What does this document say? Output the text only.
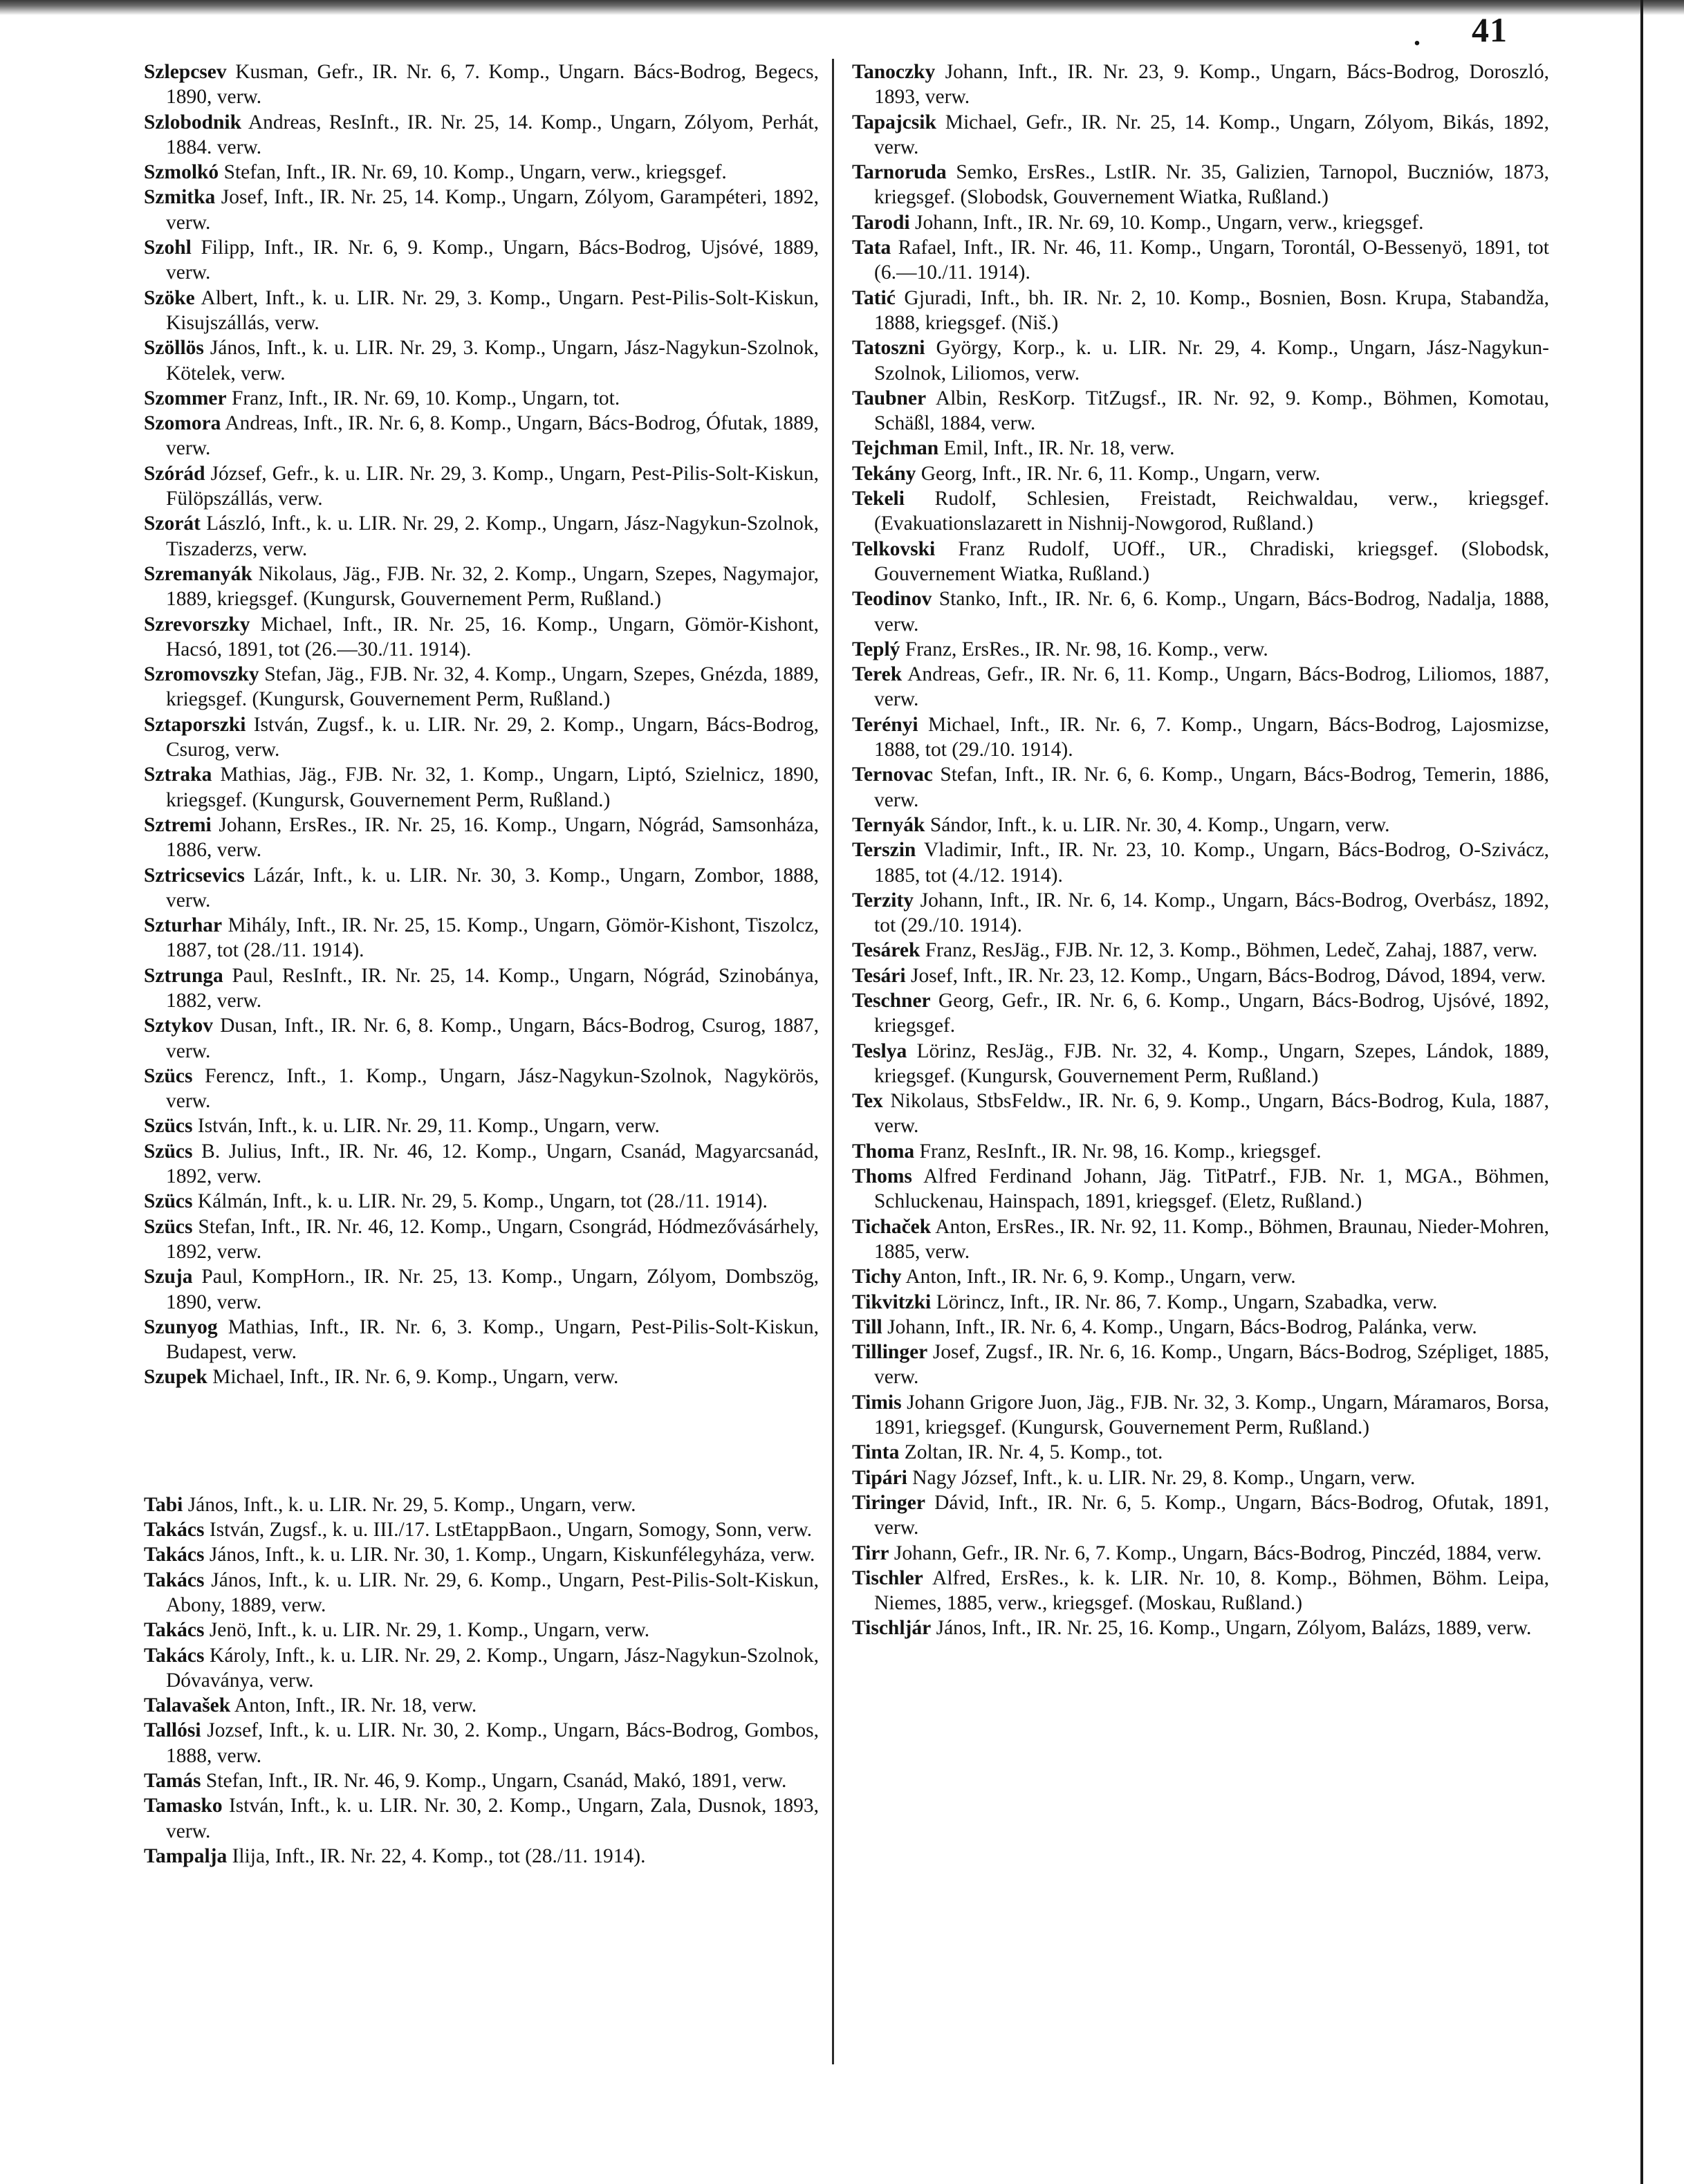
.	41

Szlepcsev Kusman, Gefr., IR. Nr. 6, 7. Komp., Ungarn. Bács-Bodrog, Begecs, 1890, verw.

Szlobodnik Andreas, ResInft., IR. Nr. 25, 14. Komp., Ungarn, Zólyom, Perhát, 1884. verw.

Szmolkó Stefan, Inft., IR. Nr. 69, 10. Komp., Ungarn, verw., kriegsgef.

Szmitka Josef, Inft., IR. Nr. 25, 14. Komp., Ungarn, Zólyom, Garampéteri, 1892, verw.

Szohl Filipp, Inft., IR. Nr. 6, 9. Komp., Ungarn, Bács-Bodrog, Ujsóvé, 1889, verw.

Szöke Albert, Inft., k. u. LIR. Nr. 29, 3. Komp., Ungarn. Pest-Pilis-Solt-Kiskun, Kisujszállás, verw.

Szöllös János, Inft., k. u. LIR. Nr. 29, 3. Komp., Ungarn, Jász-Nagykun-Szolnok, Kötelek, verw.

Szommer Franz, Inft., IR. Nr. 69, 10. Komp., Ungarn, tot.

Szomora Andreas, Inft., IR. Nr. 6, 8. Komp., Ungarn, Bács-Bodrog, Ófutak, 1889, verw.

Szórád József, Gefr., k. u. LIR. Nr. 29, 3. Komp., Ungarn, Pest-Pilis-Solt-Kiskun, Fülöpszállás, verw.

Szorát László, Inft., k. u. LIR. Nr. 29, 2. Komp., Ungarn, Jász-Nagykun-Szolnok, Tiszaderzs, verw.

Szremanyák Nikolaus, Jäg., FJB. Nr. 32, 2. Komp., Ungarn, Szepes, Nagymajor, 1889, kriegsgef. (Kungursk, Gouvernement Perm, Rußland.)

Szrevorszky Michael, Inft., IR. Nr. 25, 16. Komp., Ungarn, Gömör-Kishont, Hacsó, 1891, tot (26.—30./11. 1914).

Szromovszky Stefan, Jäg., FJB. Nr. 32, 4. Komp., Ungarn, Szepes, Gnézda, 1889, kriegsgef. (Kungursk, Gouvernement Perm, Rußland.)

Sztaporszki István, Zugsf., k. u. LIR. Nr. 29, 2. Komp., Ungarn, Bács-Bodrog, Csurog, verw.

Sztraka Mathias, Jäg., FJB. Nr. 32, 1. Komp., Ungarn, Liptó, Szielnicz, 1890, kriegsgef. (Kungursk, Gouvernement Perm, Rußland.)

Sztremi Johann, ErsRes., IR. Nr. 25, 16. Komp., Ungarn, Nógrád, Samsonháza, 1886, verw.

Sztricsevics Lázár, Inft., k. u. LIR. Nr. 30, 3. Komp., Ungarn, Zombor, 1888, verw.

Szturhar Mihály, Inft., IR. Nr. 25, 15. Komp., Ungarn, Gömör-Kishont, Tiszolcz, 1887, tot (28./11. 1914).

Sztrunga Paul, ResInft., IR. Nr. 25, 14. Komp., Ungarn, Nógrád, Szinobánya, 1882, verw.

Sztykov Dusan, Inft., IR. Nr. 6, 8. Komp., Ungarn, Bács-Bodrog, Csurog, 1887, verw.

Szücs Ferencz, Inft., 1. Komp., Ungarn, Jász-Nagykun-Szolnok, Nagykörös, verw.

Szücs István, Inft., k. u. LIR. Nr. 29, 11. Komp., Ungarn, verw.

Szücs B. Julius, Inft., IR. Nr. 46, 12. Komp., Ungarn, Csanád, Magyarcsanád, 1892, verw.

Szücs Kálmán, Inft., k. u. LIR. Nr. 29, 5. Komp., Ungarn, tot (28./11. 1914).

Szücs Stefan, Inft., IR. Nr. 46, 12. Komp., Ungarn, Csongrád, Hódmezővásárhely, 1892, verw.

Szuja Paul, KompHorn., IR. Nr. 25, 13. Komp., Ungarn, Zólyom, Dombszög, 1890, verw.

Szunyog Mathias, Inft., IR. Nr. 6, 3. Komp., Ungarn, Pest-Pilis-Solt-Kiskun, Budapest, verw.

Szupek Michael, Inft., IR. Nr. 6, 9. Komp., Ungarn, verw.

Tabi János, Inft., k. u. LIR. Nr. 29, 5. Komp., Ungarn, verw.

Takács István, Zugsf., k. u. III./17. LstEtappBaon., Ungarn, Somogy, Sonn, verw.

Takács János, Inft., k. u. LIR. Nr. 30, 1. Komp., Ungarn, Kiskunfélegyháza, verw.

Takács János, Inft., k. u. LIR. Nr. 29, 6. Komp., Ungarn, Pest-Pilis-Solt-Kiskun, Abony, 1889, verw.

Takács Jenö, Inft., k. u. LIR. Nr. 29, 1. Komp., Ungarn, verw.

Takács Károly, Inft., k. u. LIR. Nr. 29, 2. Komp., Ungarn, Jász-Nagykun-Szolnok, Dóvaványa, verw.

Talavašek Anton, Inft., IR. Nr. 18, verw.

Tallósi Jozsef, Inft., k. u. LIR. Nr. 30, 2. Komp., Ungarn, Bács-Bodrog, Gombos, 1888, verw.

Tamás Stefan, Inft., IR. Nr. 46, 9. Komp., Ungarn, Csanád, Makó, 1891, verw.

Tamasko István, Inft., k. u. LIR. Nr. 30, 2. Komp., Ungarn, Zala, Dusnok, 1893, verw.

Tampalja Ilija, Inft., IR. Nr. 22, 4. Komp., tot (28./11. 1914).

Tanoczky Johann, Inft., IR. Nr. 23, 9. Komp., Ungarn, Bács-Bodrog, Doroszló, 1893, verw.

Tapajcsik Michael, Gefr., IR. Nr. 25, 14. Komp., Ungarn, Zólyom, Bikás, 1892, verw.

Tarnoruda Semko, ErsRes., LstIR. Nr. 35, Galizien, Tarnopol, Buczniów, 1873, kriegsgef. (Slobodsk, Gouvernement Wiatka, Rußland.)

Tarodi Johann, Inft., IR. Nr. 69, 10. Komp., Ungarn, verw., kriegsgef.

Tata Rafael, Inft., IR. Nr. 46, 11. Komp., Ungarn, Torontál, O-Bessenyö, 1891, tot (6.—10./11. 1914).

Tatić Gjuradi, Inft., bh. IR. Nr. 2, 10. Komp., Bosnien, Bosn. Krupa, Stabandža, 1888, kriegsgef. (Niš.)

Tatoszni György, Korp., k. u. LIR. Nr. 29, 4. Komp., Ungarn, Jász-Nagykun-Szolnok, Liliomos, verw.

Taubner Albin, ResKorp. TitZugsf., IR. Nr. 92, 9. Komp., Böhmen, Komotau, Schäßl, 1884, verw.

Tejchman Emil, Inft., IR. Nr. 18, verw.

Tekány Georg, Inft., IR. Nr. 6, 11. Komp., Ungarn, verw.

Tekeli Rudolf, Schlesien, Freistadt, Reichwaldau, verw., kriegsgef. (Evakuationslazarett in Nishnij-Nowgorod, Rußland.)

Telkovski Franz Rudolf, UOff., UR., Chradiski, kriegsgef. (Slobodsk, Gouvernement Wiatka, Rußland.)

Teodinov Stanko, Inft., IR. Nr. 6, 6. Komp., Ungarn, Bács-Bodrog, Nadalja, 1888, verw.

Teplý Franz, ErsRes., IR. Nr. 98, 16. Komp., verw.

Terek Andreas, Gefr., IR. Nr. 6, 11. Komp., Ungarn, Bács-Bodrog, Liliomos, 1887, verw.

Terényi Michael, Inft., IR. Nr. 6, 7. Komp., Ungarn, Bács-Bodrog, Lajosmizse, 1888, tot (29./10. 1914).

Ternovac Stefan, Inft., IR. Nr. 6, 6. Komp., Ungarn, Bács-Bodrog, Temerin, 1886, verw.

Ternyák Sándor, Inft., k. u. LIR. Nr. 30, 4. Komp., Ungarn, verw.

Terszin Vladimir, Inft., IR. Nr. 23, 10. Komp., Ungarn, Bács-Bodrog, O-Szivácz, 1885, tot (4./12. 1914).

Terzity Johann, Inft., IR. Nr. 6, 14. Komp., Ungarn, Bács-Bodrog, Overbász, 1892, tot (29./10. 1914).

Tesárek Franz, ResJäg., FJB. Nr. 12, 3. Komp., Böhmen, Ledeč, Zahaj, 1887, verw.

Tesári Josef, Inft., IR. Nr. 23, 12. Komp., Ungarn, Bács-Bodrog, Dávod, 1894, verw.

Teschner Georg, Gefr., IR. Nr. 6, 6. Komp., Ungarn, Bács-Bodrog, Ujsóvé, 1892, kriegsgef.

Teslya Lörinz, ResJäg., FJB. Nr. 32, 4. Komp., Ungarn, Szepes, Lándok, 1889, kriegsgef. (Kungursk, Gouvernement Perm, Rußland.)

Tex Nikolaus, StbsFeldw., IR. Nr. 6, 9. Komp., Ungarn, Bács-Bodrog, Kula, 1887, verw.

Thoma Franz, ResInft., IR. Nr. 98, 16. Komp., kriegsgef.

Thoms Alfred Ferdinand Johann, Jäg. TitPatrf., FJB. Nr. 1, MGA., Böhmen, Schluckenau, Hainspach, 1891, kriegsgef. (Eletz, Rußland.)

Tichaček Anton, ErsRes., IR. Nr. 92, 11. Komp., Böhmen, Braunau, Nieder-Mohren, 1885, verw.

Tichy Anton, Inft., IR. Nr. 6, 9. Komp., Ungarn, verw.

Tikvitzki Lörincz, Inft., IR. Nr. 86, 7. Komp., Ungarn, Szabadka, verw.

Till Johann, Inft., IR. Nr. 6, 4. Komp., Ungarn, Bács-Bodrog, Palánka, verw.

Tillinger Josef, Zugsf., IR. Nr. 6, 16. Komp., Ungarn, Bács-Bodrog, Szépliget, 1885, verw.

Timis Johann Grigore Juon, Jäg., FJB. Nr. 32, 3. Komp., Ungarn, Máramaros, Borsa, 1891, kriegsgef. (Kungursk, Gouvernement Perm, Rußland.)

Tinta Zoltan, IR. Nr. 4, 5. Komp., tot.

Tipári Nagy József, Inft., k. u. LIR. Nr. 29, 8. Komp., Ungarn, verw.

Tiringer Dávid, Inft., IR. Nr. 6, 5. Komp., Ungarn, Bács-Bodrog, Ofutak, 1891, verw.

Tirr Johann, Gefr., IR. Nr. 6, 7. Komp., Ungarn, Bács-Bodrog, Pinczéd, 1884, verw.

Tischler Alfred, ErsRes., k. k. LIR. Nr. 10, 8. Komp., Böhmen, Böhm. Leipa, Niemes, 1885, verw., kriegsgef. (Moskau, Rußland.)

Tischljár János, Inft., IR. Nr. 25, 16. Komp., Ungarn, Zólyom, Balázs, 1889, verw.
